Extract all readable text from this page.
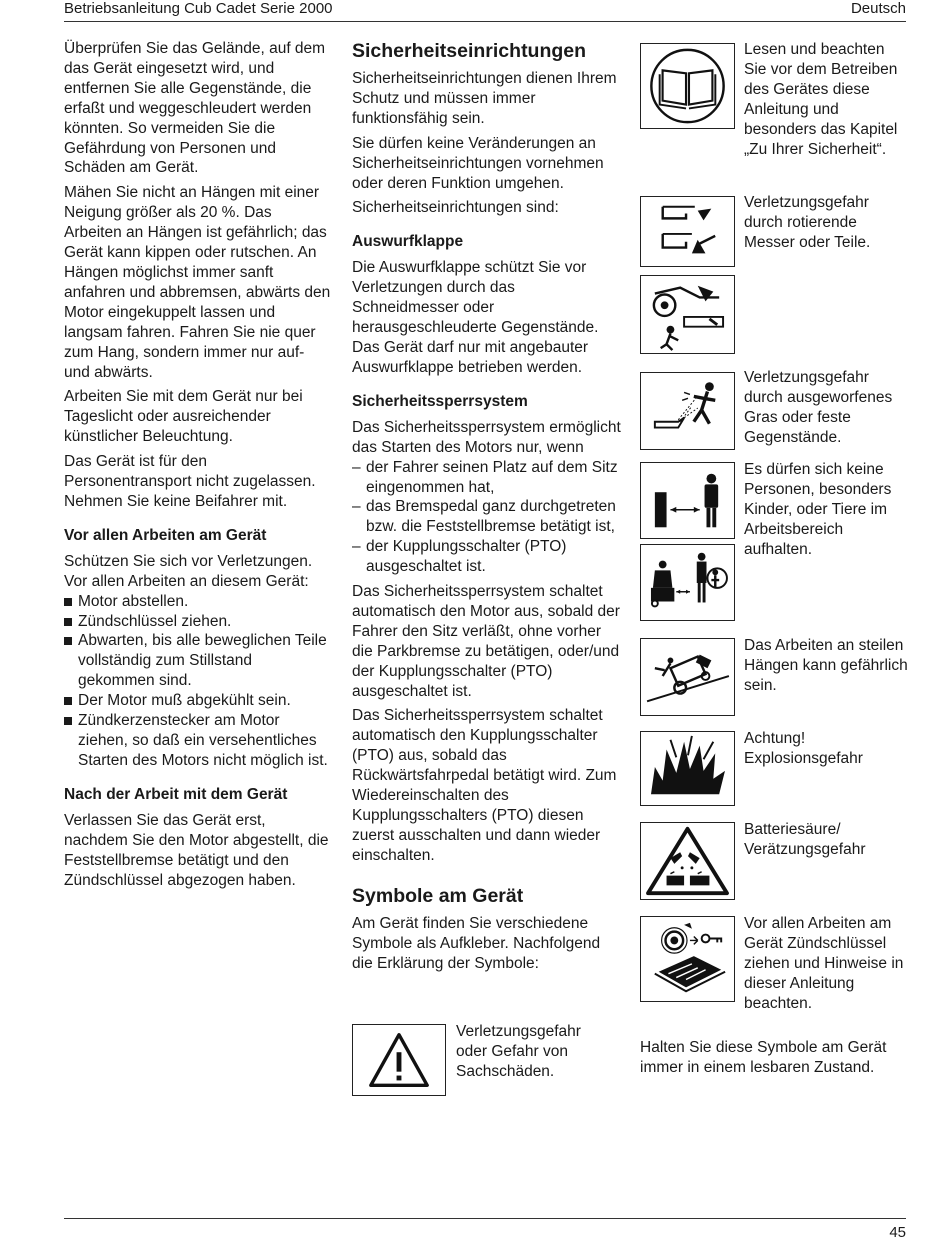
Betriebsanleitung Cub Cadet Serie 2000	Deutsch

Überprüfen Sie das Gelände, auf dem das Gerät eingesetzt wird, und entfernen Sie alle Gegenstände, die erfaßt und weggeschleudert werden könnten. So vermeiden Sie die Gefährdung von Personen und Schäden am Gerät.

Mähen Sie nicht an Hängen mit einer Neigung größer als 20 %. Das Arbeiten an Hängen ist gefährlich; das Gerät kann kippen oder rutschen. An Hängen möglichst immer sanft anfahren und abbremsen, abwärts den Motor eingekuppelt lassen und langsam fahren. Fahren Sie nie quer zum Hang, sondern immer nur auf- und abwärts.

Arbeiten Sie mit dem Gerät nur bei Tageslicht oder ausreichender künstlicher Beleuchtung.

Das Gerät ist für den Personentransport nicht zugelassen. Nehmen Sie keine Beifahrer mit.

Vor allen Arbeiten am Gerät

Schützen Sie sich vor Verletzungen. Vor allen Arbeiten an diesem Gerät:

Motor abstellen.
Zündschlüssel ziehen.
Abwarten, bis alle beweglichen Teile vollständig zum Stillstand gekommen sind.
Der Motor muß abgekühlt sein.
Zündkerzenstecker am Motor ziehen, so daß ein versehentliches Starten des Motors nicht möglich ist.
Nach der Arbeit mit dem Gerät

Verlassen Sie das Gerät erst, nachdem Sie den Motor abgestellt, die Feststellbremse betätigt und den Zündschlüssel abgezogen haben.

Sicherheitseinrichtungen

Sicherheitseinrichtungen dienen Ihrem Schutz und müssen immer funktionsfähig sein.

Sie dürfen keine Veränderungen an Sicherheitseinrichtungen vornehmen oder deren Funktion umgehen.

Sicherheitseinrichtungen sind:

Auswurfklappe

Die Auswurfklappe schützt Sie vor Verletzungen durch das Schneidmesser oder herausgeschleuderte Gegenstände. Das Gerät darf nur mit angebauter Auswurfklappe betrieben werden.

Sicherheitssperrsystem

Das Sicherheitssperrsystem ermöglicht das Starten des Motors nur, wenn

– der Fahrer seinen Platz auf dem Sitz eingenommen hat,
– das Bremspedal ganz durchgetreten bzw. die Feststellbremse betätigt ist,
– der Kupplungsschalter (PTO) ausgeschaltet ist.

Das Sicherheitssperrsystem schaltet automatisch den Motor aus, sobald der Fahrer den Sitz verläßt, ohne vorher die Parkbremse zu betätigen, oder/und der Kupplungsschalter (PTO) ausgeschaltet ist.

Das Sicherheitssperrsystem schaltet automatisch den Kupplungsschalter (PTO) aus, sobald das Rückwärtsfahrpedal betätigt wird. Zum Wiedereinschalten des Kupplungsschalters (PTO) diesen zuerst ausschalten und dann wieder einschalten.

Symbole am Gerät

Am Gerät finden Sie verschiedene Symbole als Aufkleber. Nachfolgend die Erklärung der Symbole:

Verletzungsgefahr oder Gefahr von Sachschäden.
Lesen und beachten Sie vor dem Betreiben des Gerätes diese Anleitung und besonders das Kapitel „Zu Ihrer Sicherheit“.
Verletzungsgefahr durch rotierende Messer oder Teile.
Verletzungsgefahr durch ausgeworfenes Gras oder feste Gegenstände.
Es dürfen sich keine Personen, besonders Kinder, oder Tiere im Arbeitsbereich aufhalten.
Das Arbeiten an steilen Hängen kann gefährlich sein.
Achtung! Explosionsgefahr
Batteriesäure/ Verätzungsgefahr
Vor allen Arbeiten am Gerät Zündschlüssel ziehen und Hinweise in dieser Anleitung beachten.
Halten Sie diese Symbole am Gerät immer in einem lesbaren Zustand.
45
